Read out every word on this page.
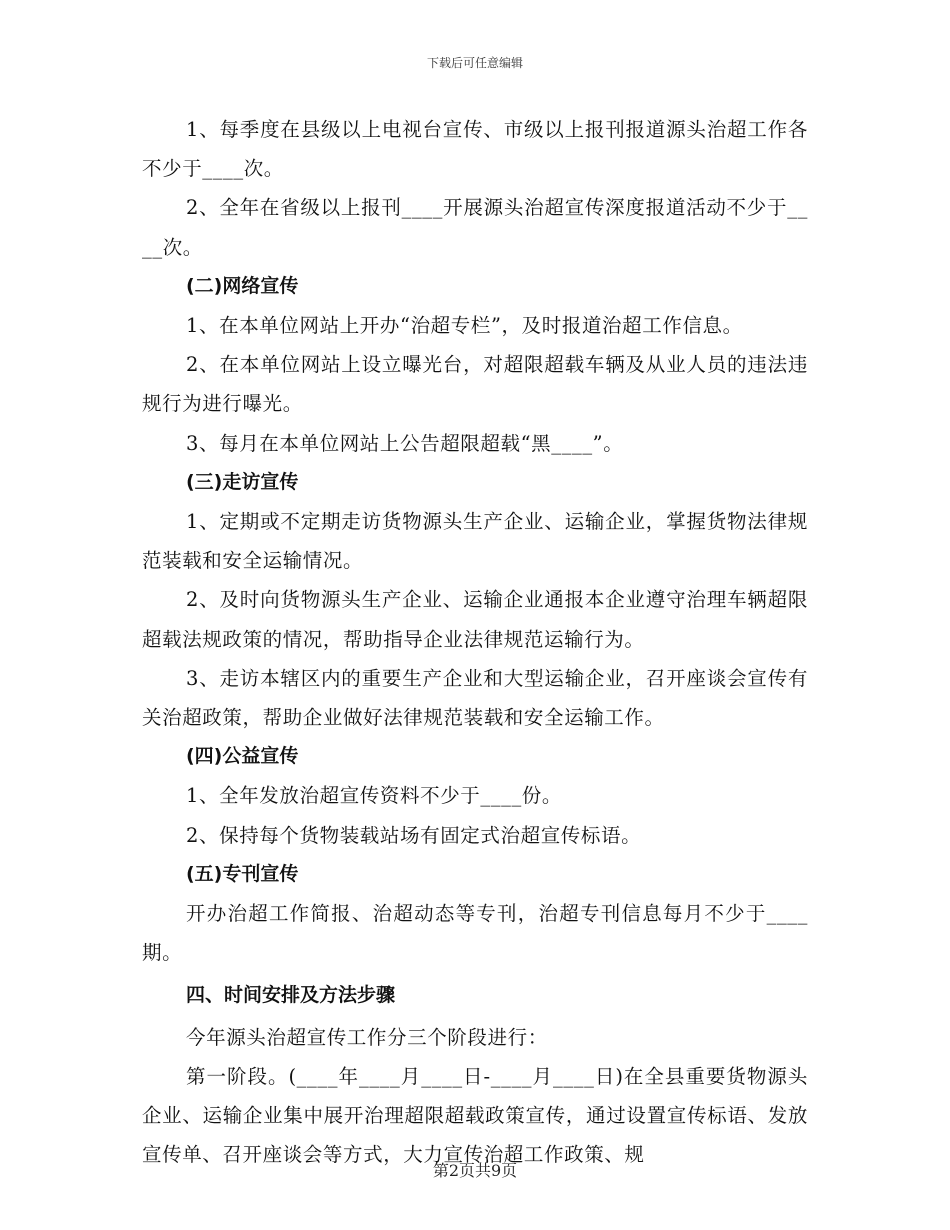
下载后可任意编辑

1、每季度在县级以上电视台宣传、市级以上报刊报道源头治超工作各不少于____次。

2、全年在省级以上报刊____开展源头治超宣传深度报道活动不少于____次。

(二)网络宣传

1、在本单位网站上开办“治超专栏”，及时报道治超工作信息。

2、在本单位网站上设立曝光台，对超限超载车辆及从业人员的违法违规行为进行曝光。

3、每月在本单位网站上公告超限超载“黑____”。

(三)走访宣传

1、定期或不定期走访货物源头生产企业、运输企业，掌握货物法律规范装载和安全运输情况。

2、及时向货物源头生产企业、运输企业通报本企业遵守治理车辆超限超载法规政策的情况，帮助指导企业法律规范运输行为。

3、走访本辖区内的重要生产企业和大型运输企业，召开座谈会宣传有关治超政策，帮助企业做好法律规范装载和安全运输工作。

(四)公益宣传

1、全年发放治超宣传资料不少于____份。

2、保持每个货物装载站场有固定式治超宣传标语。

(五)专刊宣传

开办治超工作简报、治超动态等专刊，治超专刊信息每月不少于____期。

四、时间安排及方法步骤

今年源头治超宣传工作分三个阶段进行：

第一阶段。(____年____月____日-____月____日)在全县重要货物源头企业、运输企业集中展开治理超限超载政策宣传，通过设置宣传标语、发放宣传单、召开座谈会等方式，大力宣传治超工作政策、规

第2页共9页
